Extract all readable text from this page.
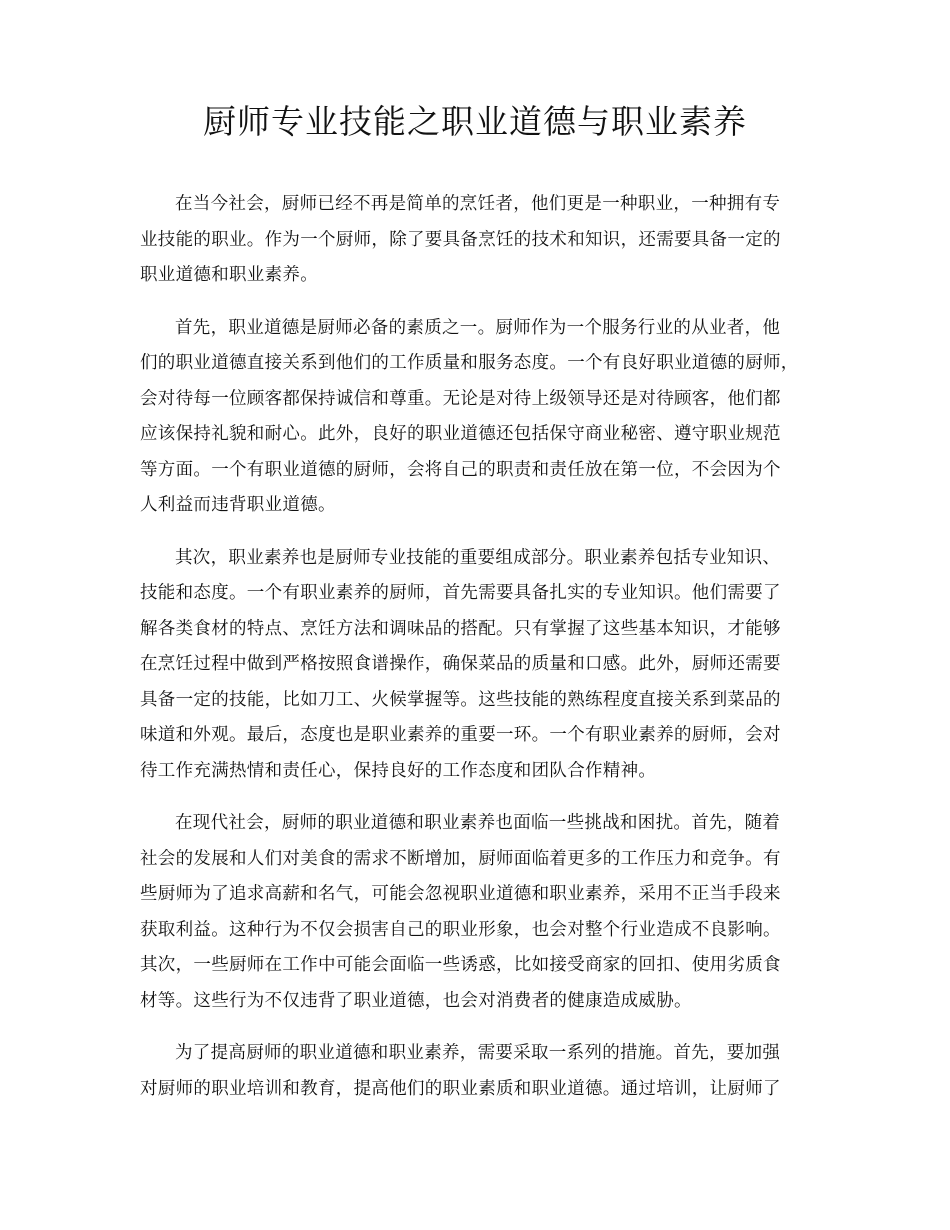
厨师专业技能之职业道德与职业素养

在当今社会，厨师已经不再是简单的烹饪者，他们更是一种职业，一种拥有专
业技能的职业。作为一个厨师，除了要具备烹饪的技术和知识，还需要具备一定的
职业道德和职业素养。

首先，职业道德是厨师必备的素质之一。厨师作为一个服务行业的从业者，他
们的职业道德直接关系到他们的工作质量和服务态度。一个有良好职业道德的厨师，
会对待每一位顾客都保持诚信和尊重。无论是对待上级领导还是对待顾客，他们都
应该保持礼貌和耐心。此外，良好的职业道德还包括保守商业秘密、遵守职业规范
等方面。一个有职业道德的厨师，会将自己的职责和责任放在第一位，不会因为个
人利益而违背职业道德。

其次，职业素养也是厨师专业技能的重要组成部分。职业素养包括专业知识、
技能和态度。一个有职业素养的厨师，首先需要具备扎实的专业知识。他们需要了
解各类食材的特点、烹饪方法和调味品的搭配。只有掌握了这些基本知识，才能够
在烹饪过程中做到严格按照食谱操作，确保菜品的质量和口感。此外，厨师还需要
具备一定的技能，比如刀工、火候掌握等。这些技能的熟练程度直接关系到菜品的
味道和外观。最后，态度也是职业素养的重要一环。一个有职业素养的厨师，会对
待工作充满热情和责任心，保持良好的工作态度和团队合作精神。

在现代社会，厨师的职业道德和职业素养也面临一些挑战和困扰。首先，随着
社会的发展和人们对美食的需求不断增加，厨师面临着更多的工作压力和竞争。有
些厨师为了追求高薪和名气，可能会忽视职业道德和职业素养，采用不正当手段来
获取利益。这种行为不仅会损害自己的职业形象，也会对整个行业造成不良影响。
其次，一些厨师在工作中可能会面临一些诱惑，比如接受商家的回扣、使用劣质食
材等。这些行为不仅违背了职业道德，也会对消费者的健康造成威胁。

为了提高厨师的职业道德和职业素养，需要采取一系列的措施。首先，要加强
对厨师的职业培训和教育，提高他们的职业素质和职业道德。通过培训，让厨师了
